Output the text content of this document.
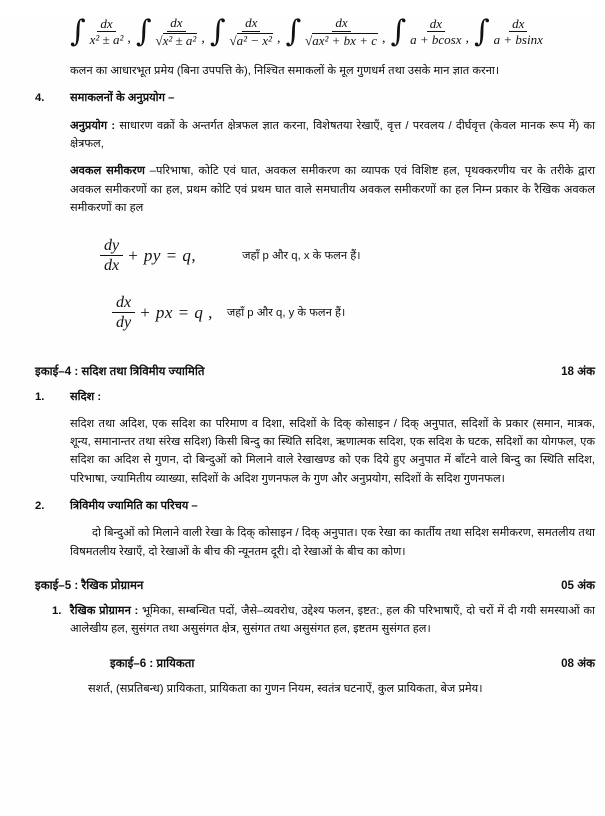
∫ $\frac{dx}{\text{x² ± a²}}$ , ∫ $\frac{dx}{\text{√x² ± a²}}$ , ∫ $\frac{dx}{\text{√a² − x²}}$ , ∫ $\frac{dx}{\text{√ax² + bx + c}}$ , ∫ $\frac{dx}{a + bcosx}$ , ∫ $\frac{dx}{a + bsinx}$
कलन का आधारभूत प्रमेय (बिना उपपत्ति के), निश्चित समाकलों के मूल गुणधर्म तथा उसके मान ज्ञात करना।
4. समाकलनों के अनुप्रयोग –
अनुप्रयोग : साधारण वक्रों के अन्तर्गत क्षेत्रफल ज्ञात करना, विशेषतया रेखाएँ, वृत्त / परवलय / दीर्घवृत्त (केवल मानक रूप में) का क्षेत्रफल,
अवकल समीकरण –परिभाषा, कोटि एवं घात, अवकल समीकरण का व्यापक एवं विशिष्ट हल, पृथक्करणीय चर के तरीके द्वारा अवकल समीकरणों का हल, प्रथम कोटि एवं प्रथम घात वाले समघातीय अवकल समीकरणों का हल निम्न प्रकार के रैखिक अवकल समीकरणों का हल
$\frac{dy}{dx}$ + py = q,	जहाँ p और q, x के फलन हैं।
$\frac{dx}{dy}$ + px = q , जहाँ p और q, y के फलन हैं।
इकाई–4 : सदिश तथा त्रिविमीय ज्यामिति	18 अंक
1. सदिश :
सदिश तथा अदिश, एक सदिश का परिमाण व दिशा, सदिशों के दिक् कोसाइन / दिक् अनुपात, सदिशों के प्रकार (समान, मात्रक, शून्य, समानान्तर तथा संरेख सदिश) किसी बिन्दु का स्थिति सदिश, ऋणात्मक सदिश, एक सदिश के घटक, सदिशों का योगफल, एक सदिश का अदिश से गुणन, दो बिन्दुओं को मिलाने वाले रेखाखण्ड को एक दिये हुए अनुपात में बाँटने वाले बिन्दु का स्थिति सदिश, परिभाषा, ज्यामितीय व्याख्या, सदिशों के अदिश गुणनफल के गुण और अनुप्रयोग, सदिशों के सदिश गुणनफल।
2. त्रिविमीय ज्यामिति का परिचय –
दो बिन्दुओं को मिलाने वाली रेखा के दिक् कोसाइन / दिक् अनुपात। एक रेखा का कार्तीय तथा सदिश समीकरण, समतलीय तथा विषमतलीय रेखाएँ, दो रेखाओं के बीच की न्यूनतम दूरी। दो रेखाओं के बीच का कोण।
इकाई–5 : रैखिक प्रोग्रामन	05 अंक
1. रैखिक प्रोग्रामन : भूमिका, सम्बन्धित पदों, जैसे–व्यवरोध, उद्देश्य फलन, इष्टत:, हल की परिभाषाएँ, दो चरों में दी गयी समस्याओं का आलेखीय हल, सुसंगत तथा असुसंगत क्षेत्र, सुसंगत तथा असुसंगत हल, इष्टतम सुसंगत हल।
इकाई–6 : प्रायिकता	08 अंक
सशर्त, (सप्रतिबन्ध) प्रायिकता, प्रायिकता का गुणन नियम, स्वतंत्र घटनाऐं, कुल प्रायिकता, बेज प्रमेय।
